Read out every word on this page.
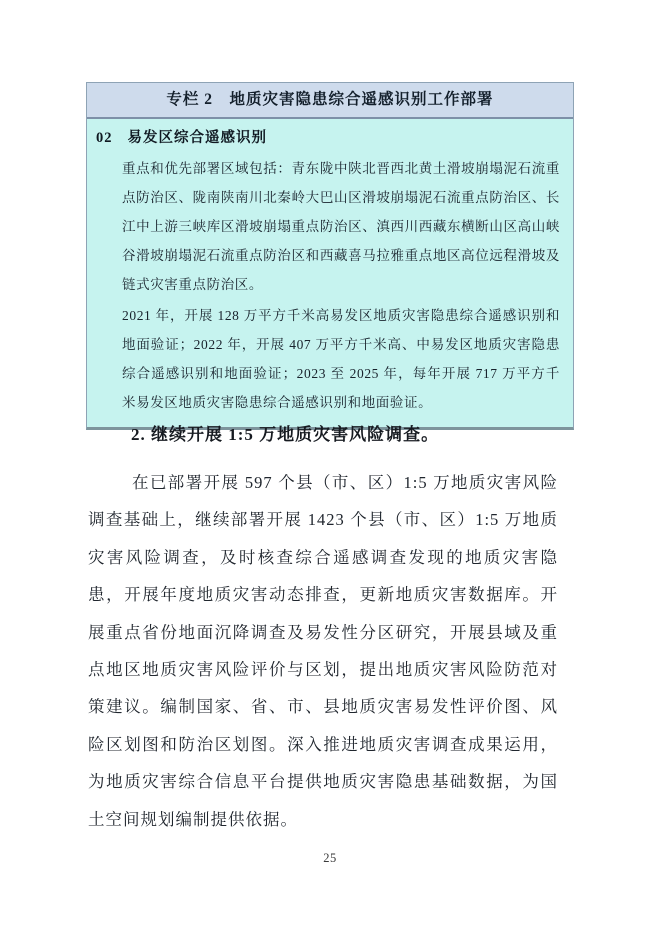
专栏 2　地质灾害隐患综合遥感识别工作部署
02 易发区综合遥感识别

重点和优先部署区域包括：青东陇中陕北晋西北黄土滑坡崩塌泥石流重点防治区、陇南陕南川北秦岭大巴山区滑坡崩塌泥石流重点防治区、长江中上游三峡库区滑坡崩塌重点防治区、滇西川西藏东横断山区高山峡谷滑坡崩塌泥石流重点防治区和西藏喜马拉雅重点地区高位远程滑坡及链式灾害重点防治区。

2021 年，开展 128 万平方千米高易发区地质灾害隐患综合遥感识别和地面验证；2022 年，开展 407 万平方千米高、中易发区地质灾害隐患综合遥感识别和地面验证；2023 至 2025 年，每年开展 717 万平方千米易发区地质灾害隐患综合遥感识别和地面验证。

2. 继续开展 1:5 万地质灾害风险调查。

在已部署开展 597 个县（市、区）1:5 万地质灾害风险调查基础上，继续部署开展 1423 个县（市、区）1:5 万地质灾害风险调查，及时核查综合遥感调查发现的地质灾害隐患，开展年度地质灾害动态排查，更新地质灾害数据库。开展重点省份地面沉降调查及易发性分区研究，开展县域及重点地区地质灾害风险评价与区划，提出地质灾害风险防范对策建议。编制国家、省、市、县地质灾害易发性评价图、风险区划图和防治区划图。深入推进地质灾害调查成果运用，为地质灾害综合信息平台提供地质灾害隐患基础数据，为国土空间规划编制提供依据。

25
